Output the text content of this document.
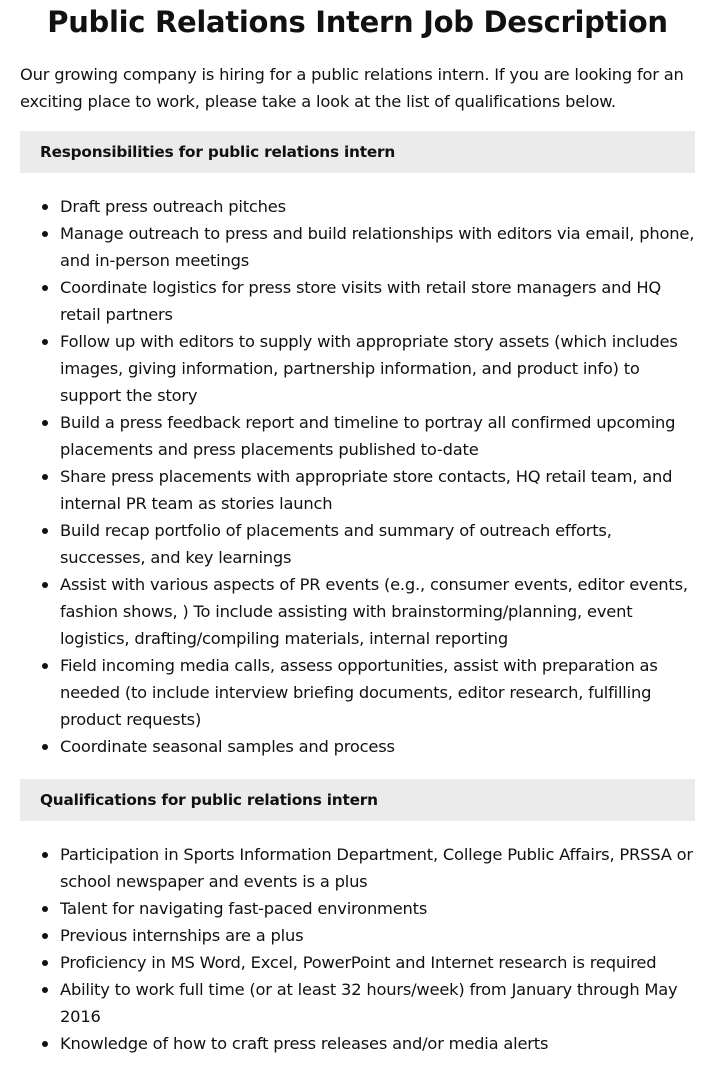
Public Relations Intern Job Description

Our growing company is hiring for a public relations intern. If you are looking for an exciting place to work, please take a look at the list of qualifications below.

Responsibilities for public relations intern
Draft press outreach pitches
Manage outreach to press and build relationships with editors via email, phone, and in-person meetings
Coordinate logistics for press store visits with retail store managers and HQ retail partners
Follow up with editors to supply with appropriate story assets (which includes images, giving information, partnership information, and product info) to support the story
Build a press feedback report and timeline to portray all confirmed upcoming placements and press placements published to-date
Share press placements with appropriate store contacts, HQ retail team, and internal PR team as stories launch
Build recap portfolio of placements and summary of outreach efforts, successes, and key learnings
Assist with various aspects of PR events (e.g., consumer events, editor events, fashion shows, ) To include assisting with brainstorming/planning, event logistics, drafting/compiling materials, internal reporting
Field incoming media calls, assess opportunities, assist with preparation as needed (to include interview briefing documents, editor research, fulfilling product requests)
Coordinate seasonal samples and process
Qualifications for public relations intern
Participation in Sports Information Department, College Public Affairs, PRSSA or school newspaper and events is a plus
Talent for navigating fast-paced environments
Previous internships are a plus
Proficiency in MS Word, Excel, PowerPoint and Internet research is required
Ability to work full time (or at least 32 hours/week) from January through May 2016
Knowledge of how to craft press releases and/or media alerts
